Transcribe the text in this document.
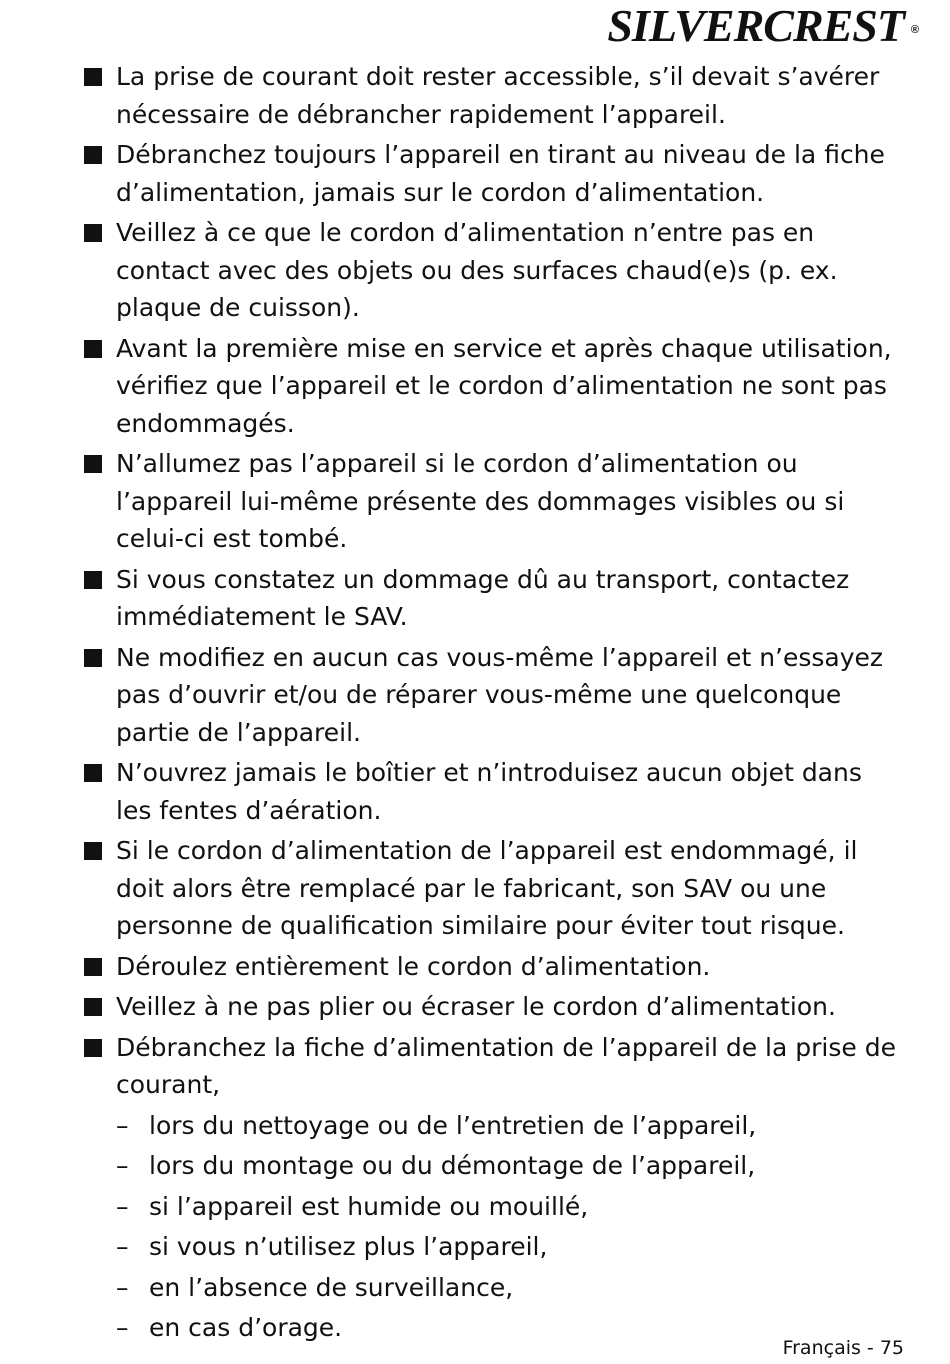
SILVERCREST ®
La prise de courant doit rester accessible, s’il devait s’avérer nécessaire de débrancher rapidement l’appareil.
Débranchez toujours l’appareil en tirant au niveau de la fiche d’alimentation, jamais sur le cordon d’alimentation.
Veillez à ce que le cordon d’alimentation n’entre pas en contact avec des objets ou des surfaces chaud(e)s (p. ex. plaque de cuisson).
Avant la première mise en service et après chaque utilisation, vérifiez que l’appareil et le cordon d’alimentation ne sont pas endommagés.
N’allumez pas l’appareil si le cordon d’alimentation ou l’appareil lui-même présente des dommages visibles ou si celui-ci est tombé.
Si vous constatez un dommage dû au transport, contactez immédiatement le SAV.
Ne modifiez en aucun cas vous-même l’appareil et n’essayez pas d’ouvrir et/ou de réparer vous-même une quelconque partie de l’appareil.
N’ouvrez jamais le boîtier et n’introduisez aucun objet dans les fentes d’aération.
Si le cordon d’alimentation de l’appareil est endommagé, il doit alors être remplacé par le fabricant, son SAV ou une personne de qualification similaire pour éviter tout risque.
Déroulez entièrement le cordon d’alimentation.
Veillez à ne pas plier ou écraser le cordon d’alimentation.
Débranchez la fiche d’alimentation de l’appareil de la prise de courant,
– lors du nettoyage ou de l’entretien de l’appareil,
– lors du montage ou du démontage de l’appareil,
– si l’appareil est humide ou mouillé,
– si vous n’utilisez plus l’appareil,
– en l’absence de surveillance,
– en cas d’orage.
Français - 75
